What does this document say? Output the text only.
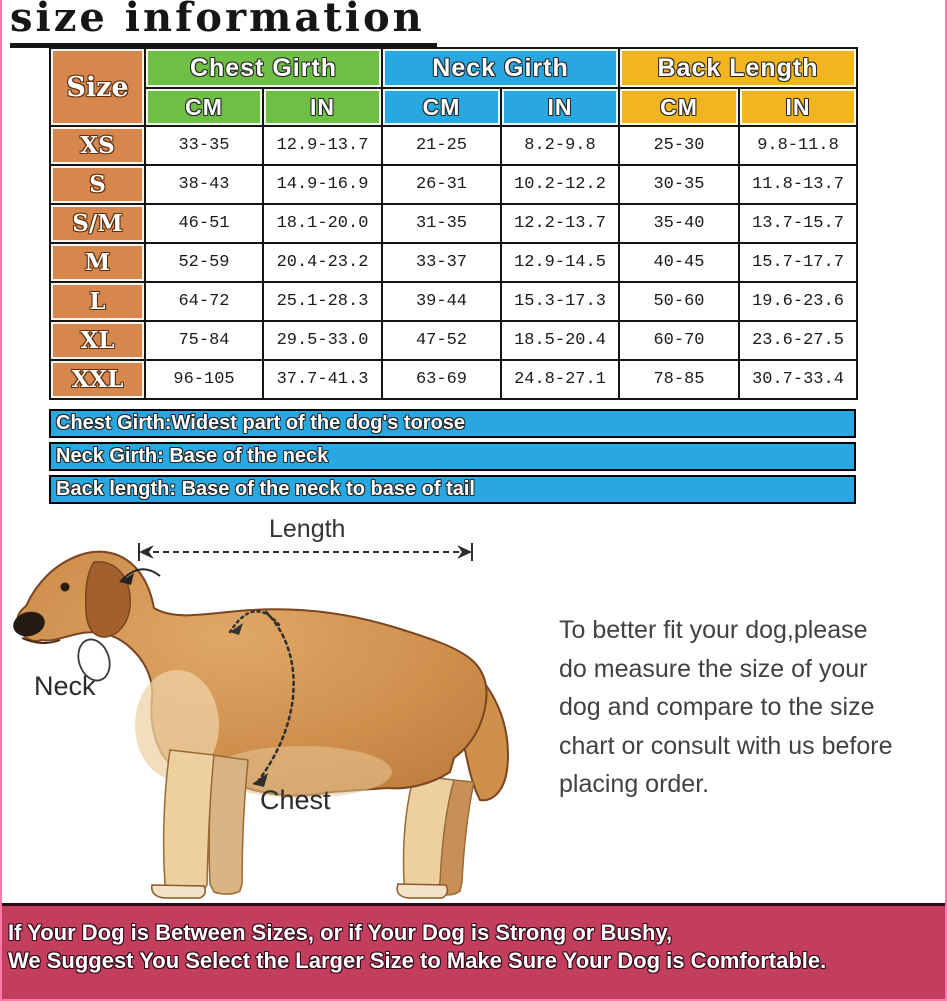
size information
Size	Chest Girth		Neck Girth		Back Length	
	CM	IN	CM	IN	CM	IN
XS	33-35	12.9-13.7	21-25	8.2-9.8	25-30	9.8-11.8
S	38-43	14.9-16.9	26-31	10.2-12.2	30-35	11.8-13.7
S/M	46-51	18.1-20.0	31-35	12.2-13.7	35-40	13.7-15.7
M	52-59	20.4-23.2	33-37	12.9-14.5	40-45	15.7-17.7
L	64-72	25.1-28.3	39-44	15.3-17.3	50-60	19.6-23.6
XL	75-84	29.5-33.0	47-52	18.5-20.4	60-70	23.6-27.5
XXL	96-105	37.7-41.3	63-69	24.8-27.1	78-85	30.7-33.4
Chest Girth:Widest part of the dog's torose
Neck Girth: Base of the neck
Back length: Base of the neck to base of tail
Length
Neck
Chest
To better fit your dog,please
do measure the size of your
dog and compare to the size
chart or consult with us before
placing order.
If Your Dog is Between Sizes, or if Your Dog is Strong or Bushy,
We Suggest You Select the Larger Size to Make Sure Your Dog is Comfortable.
